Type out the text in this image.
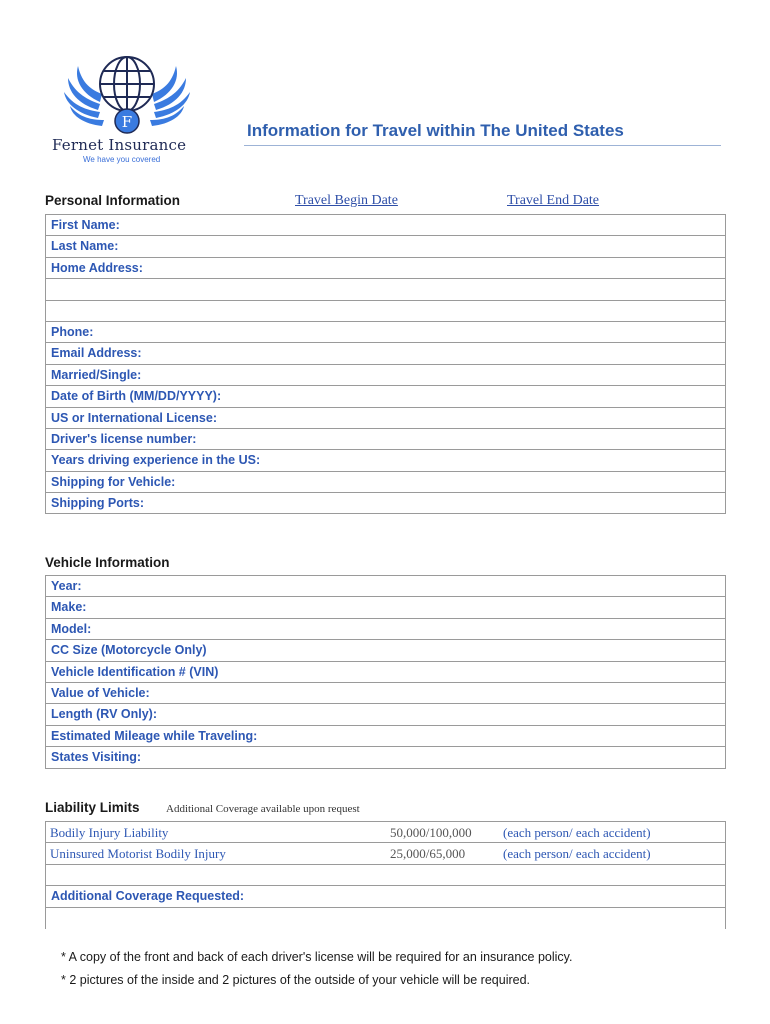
F
Fernet Insurance
We have you covered
Information for Travel within The United States
Personal Information	Travel Begin Date	Travel End Date
First Name:
Last Name:
Home Address:
Phone:
Email Address:
Married/Single:
Date of Birth (MM/DD/YYYY):
US or International License:
Driver's license number:
Years driving experience in the US:
Shipping for Vehicle:
Shipping Ports:
Vehicle Information
Year:
Make:
Model:
CC Size (Motorcycle Only)
Vehicle Identification # (VIN)
Value of Vehicle:
Length (RV Only):
Estimated Mileage while Traveling:
States Visiting:
Liability Limits Additional Coverage available upon request
Bodily Injury Liability	50,000/100,000 (each person/ each accident)
Uninsured Motorist Bodily Injury	25,000/65,000	(each person/ each accident)
Additional Coverage Requested:
* A copy of the front and back of each driver's license will be required for an insurance policy.
* 2 pictures of the inside and 2 pictures of the outside of your vehicle will be required.
